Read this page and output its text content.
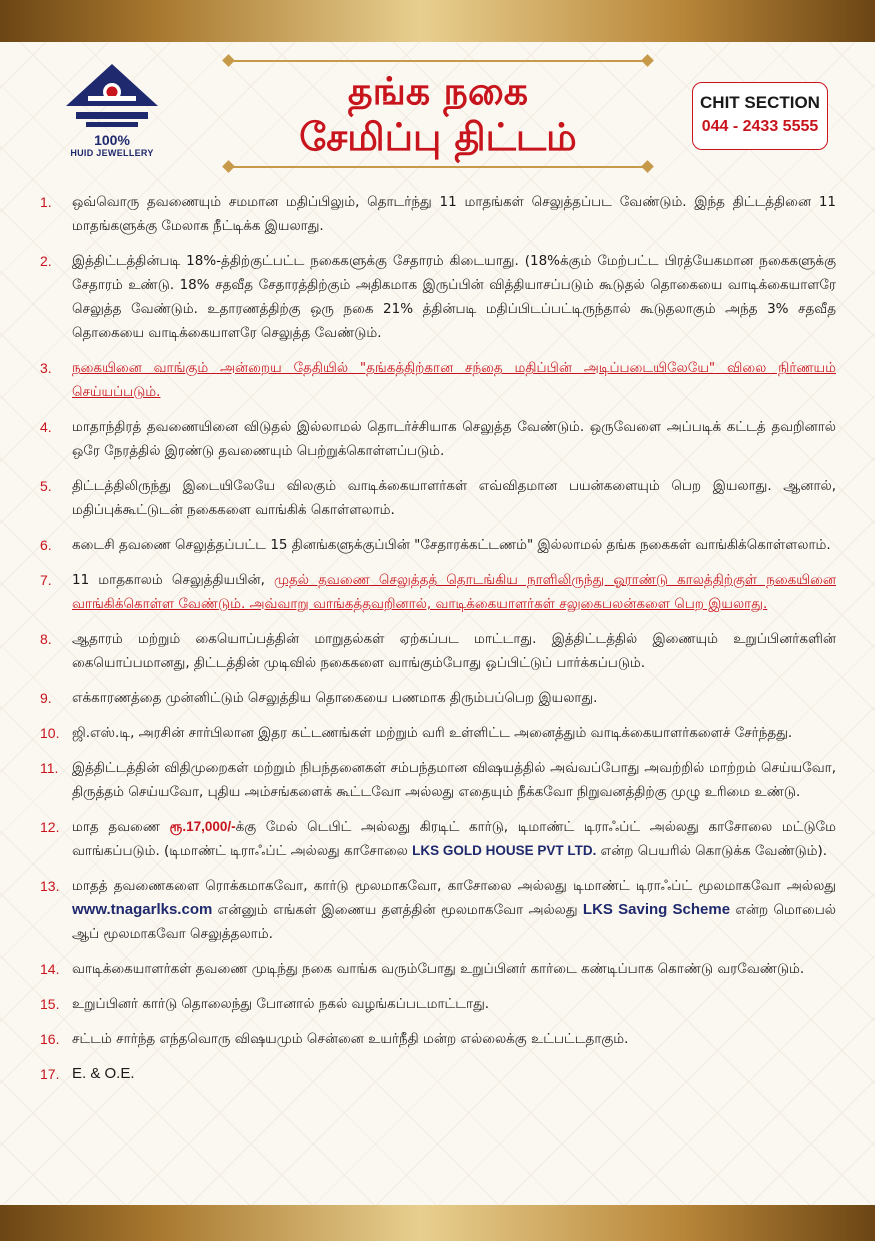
100%
HUID JEWELLERY
தங்க நகை
சேமிப்பு திட்டம்
CHIT SECTION
044 - 2433 5555
1.	ஒவ்வொரு தவணையும் சமமான மதிப்பிலும், தொடர்ந்து 11 மாதங்கள் செலுத்தப்பட வேண்டும். இந்த திட்டத்தினை 11 மாதங்களுக்கு மேலாக நீட்டிக்க இயலாது.
2.	இத்திட்டத்தின்படி 18%-த்திற்குட்பட்ட நகைகளுக்கு சேதாரம் கிடையாது. (18%க்கும் மேற்பட்ட பிரத்யேகமான நகைகளுக்கு சேதாரம் உண்டு. 18% சதவீத சேதாரத்திற்கும் அதிகமாக இருப்பின் வித்தியாசப்படும் கூடுதல் தொகையை வாடிக்கையாளரே செலுத்த வேண்டும். உதாரணத்திற்கு ஒரு நகை 21% த்தின்படி மதிப்பிடப்பட்டிருந்தால் கூடுதலாகும் அந்த 3% சதவீத தொகையை வாடிக்கையாளரே செலுத்த வேண்டும்.
3.	நகையினை வாங்கும் அன்றைய தேதியில் "தங்கத்திற்கான சந்தை மதிப்பின் அடிப்படையிலேயே" விலை நிர்ணயம் செய்யப்படும்.
4.	மாதாந்திரத் தவணையினை விடுதல் இல்லாமல் தொடர்ச்சியாக செலுத்த வேண்டும். ஒருவேளை அப்படிக் கட்டத் தவறினால் ஒரே நேரத்தில் இரண்டு தவணையும் பெற்றுக்கொள்ளப்படும்.
5.	திட்டத்திலிருந்து இடையிலேயே விலகும் வாடிக்கையாளர்கள் எவ்விதமான பயன்களையும் பெற இயலாது. ஆனால், மதிப்புக்கூட்டுடன் நகைகளை வாங்கிக் கொள்ளலாம்.
6.	கடைசி தவணை செலுத்தப்பட்ட 15 தினங்களுக்குப்பின் "சேதாரக்கட்டணம்" இல்லாமல் தங்க நகைகள் வாங்கிக்கொள்ளலாம்.
7.	11 மாதகாலம் செலுத்தியபின், முதல் தவணை செலுத்தத் தொடங்கிய நாளிலிருந்து ஓராண்டு காலத்திற்குள் நகையினை வாங்கிக்கொள்ள வேண்டும். அவ்வாறு வாங்கத்தவறினால், வாடிக்கையாளர்கள் சலுகைபலன்களை பெற இயலாது.
8.	ஆதாரம் மற்றும் கையொப்பத்தின் மாறுதல்கள் ஏற்கப்பட மாட்டாது. இத்திட்டத்தில் இணையும் உறுப்பினர்களின் கையொப்பமானது, திட்டத்தின் முடிவில் நகைகளை வாங்கும்போது ஒப்பிட்டுப் பார்க்கப்படும்.
9.	எக்காரணத்தை முன்னிட்டும் செலுத்திய தொகையை பணமாக திரும்பப்பெற இயலாது.
10. ஜி.எஸ்.டி, அரசின் சார்பிலான இதர கட்டணங்கள் மற்றும் வரி உள்ளிட்ட அனைத்தும் வாடிக்கையாளர்களைச் சேர்ந்தது.
11.	இத்திட்டத்தின் விதிமுறைகள் மற்றும் நிபந்தனைகள் சம்பந்தமான விஷயத்தில் அவ்வப்போது அவற்றில் மாற்றம் செய்யவோ, திருத்தம் செய்யவோ, புதிய அம்சங்களைக் கூட்டவோ அல்லது எதையும் நீக்கவோ நிறுவனத்திற்கு முழு உரிமை உண்டு.
12. மாத தவணை ரூ.17,000/-க்கு மேல் டெபிட் அல்லது கிரடிட் கார்டு, டிமாண்ட் டிராஃப்ட் அல்லது காசோலை மட்டுமே வாங்கப்படும். (டிமாண்ட் டிராஃப்ட் அல்லது காசோலை LKS GOLD HOUSE PVT LTD. என்ற பெயரில் கொடுக்க வேண்டும்).
13. மாதத் தவணைகளை ரொக்கமாகவோ, கார்டு மூலமாகவோ, காசோலை அல்லது டிமாண்ட் டிராஃப்ட் மூலமாகவோ அல்லது www.tnagarlks.com என்னும் எங்கள் இணைய தளத்தின் மூலமாகவோ அல்லது LKS Saving Scheme என்ற மொபைல் ஆப் மூலமாகவோ செலுத்தலாம்.
14. வாடிக்கையாளர்கள் தவணை முடிந்து நகை வாங்க வரும்போது உறுப்பினர் கார்டை கண்டிப்பாக கொண்டு வரவேண்டும்.
15. உறுப்பினர் கார்டு தொலைந்து போனால் நகல் வழங்கப்படமாட்டாது.
16. சட்டம் சார்ந்த எந்தவொரு விஷயமும் சென்னை உயர்நீதி மன்ற எல்லைக்கு உட்பட்டதாகும்.
17. E. & O.E.
